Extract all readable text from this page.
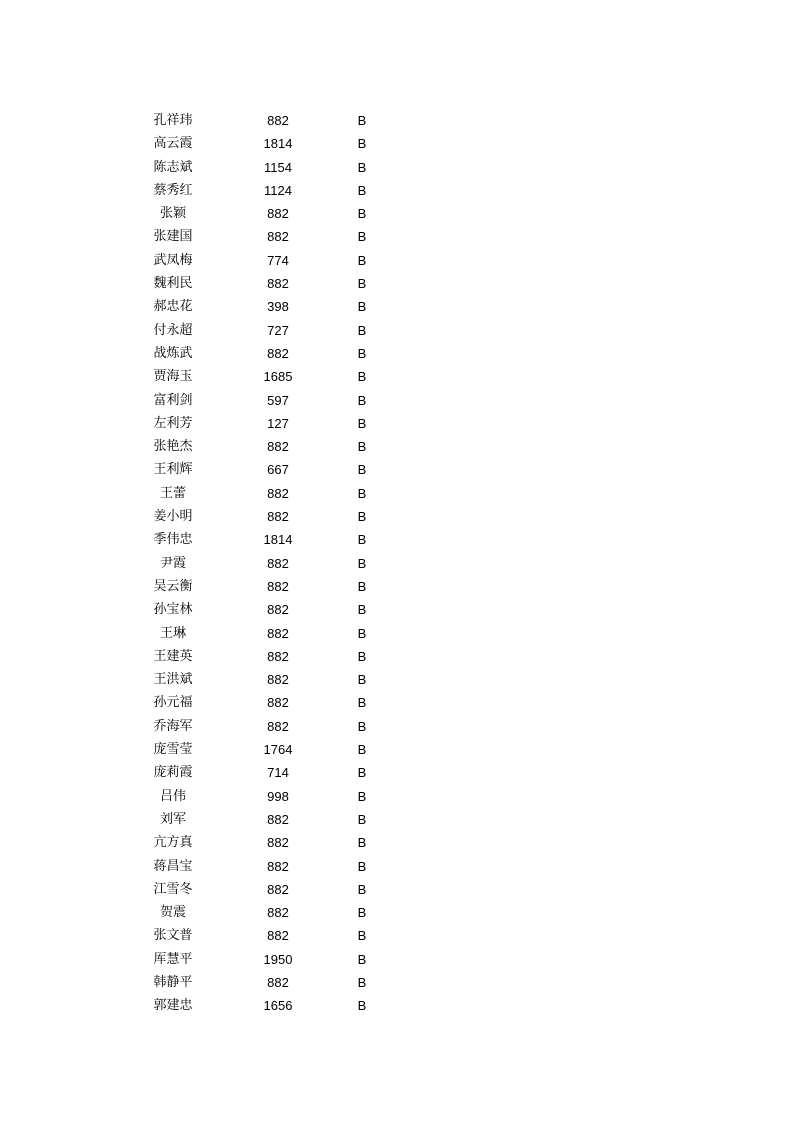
孔祥玮	882	B
高云霞	1814	B
陈志斌	1154	B
蔡秀红	1124	B
张颖	882	B
张建国	882	B
武凤梅	774	B
魏利民	882	B
郝忠花	398	B
付永超	727	B
战炼武	882	B
贾海玉	1685	B
富利剑	597	B
左利芳	127	B
张艳杰	882	B
王利辉	667	B
王蕾	882	B
姜小明	882	B
季伟忠	1814	B
尹霞	882	B
吴云衡	882	B
孙宝林	882	B
王琳	882	B
王建英	882	B
王洪斌	882	B
孙元福	882	B
乔海军	882	B
庞雪莹	1764	B
庞莉霞	714	B
吕伟	998	B
刘军	882	B
亢方真	882	B
蒋昌宝	882	B
江雪冬	882	B
贺震	882	B
张文普	882	B
厍慧平	1950	B
韩静平	882	B
郭建忠	1656	B
